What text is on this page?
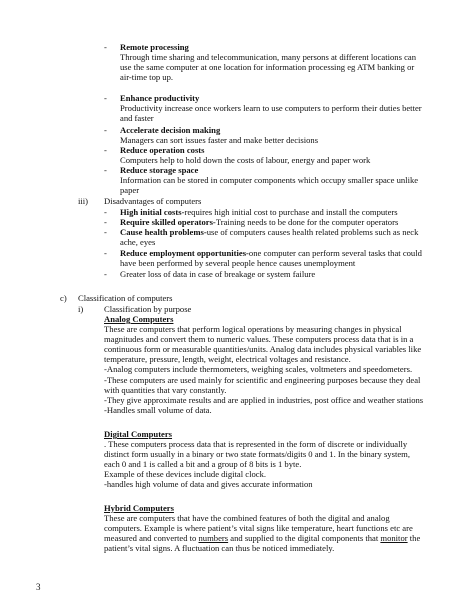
- Remote processing

Through time sharing and telecommunication, many persons at different locations can

use the same computer at one location for information processing eg ATM banking or

air-time top up.

- Enhance productivity

Productivity increase once workers learn to use computers to perform their duties better

and faster

- Accelerate decision making

Managers can sort issues faster and make better decisions

- Reduce operation costs

Computers help to hold down the costs of labour, energy and paper work

- Reduce storage space

Information can be stored in computer components which occupy smaller space unlike

paper

iii) Disadvantages of computers
- High initial costs-requires high initial cost to purchase and install the computers

- Require skilled operators-Training needs to be done for the computer operators

- Cause health problems-use of computers causes health related problems such as neck

ache, eyes

- Reduce employment opportunities-one computer can perform several tasks that could

have been performed by several people hence causes unemployment

- Greater loss of data in case of breakage or system failure

c) Classification of computers
i) Classification by purpose

Analog Computers

These are computers that perform logical operations by measuring changes in physical

magnitudes and convert them to numeric values. These computers process data that is in a

continuous form or measurable quantities/units. Analog data includes physical variables like

temperature, pressure, length, weight, electrical voltages and resistance.

-Analog computers include thermometers, weighing scales, voltmeters and speedometers.

-These computers are used mainly for scientific and engineering purposes because they deal

with quantities that vary constantly.

-They give approximate results and are applied in industries, post office and weather stations

-Handles small volume of data.

Digital Computers

. These computers process data that is represented in the form of discrete or individually

distinct form usually in a binary or two state formats/digits 0 and 1. In the binary system,

each 0 and 1 is called a bit and a group of 8 bits is 1 byte.

Example of these devices include digital clock.

-handles high volume of data and gives accurate information

Hybrid Computers

These are computers that have the combined features of both the digital and analog

computers. Example is where patient’s vital signs like temperature, heart functions etc are

measured and converted to numbers and supplied to the digital components that monitor the

patient’s vital signs. A fluctuation can thus be noticed immediately.

3
